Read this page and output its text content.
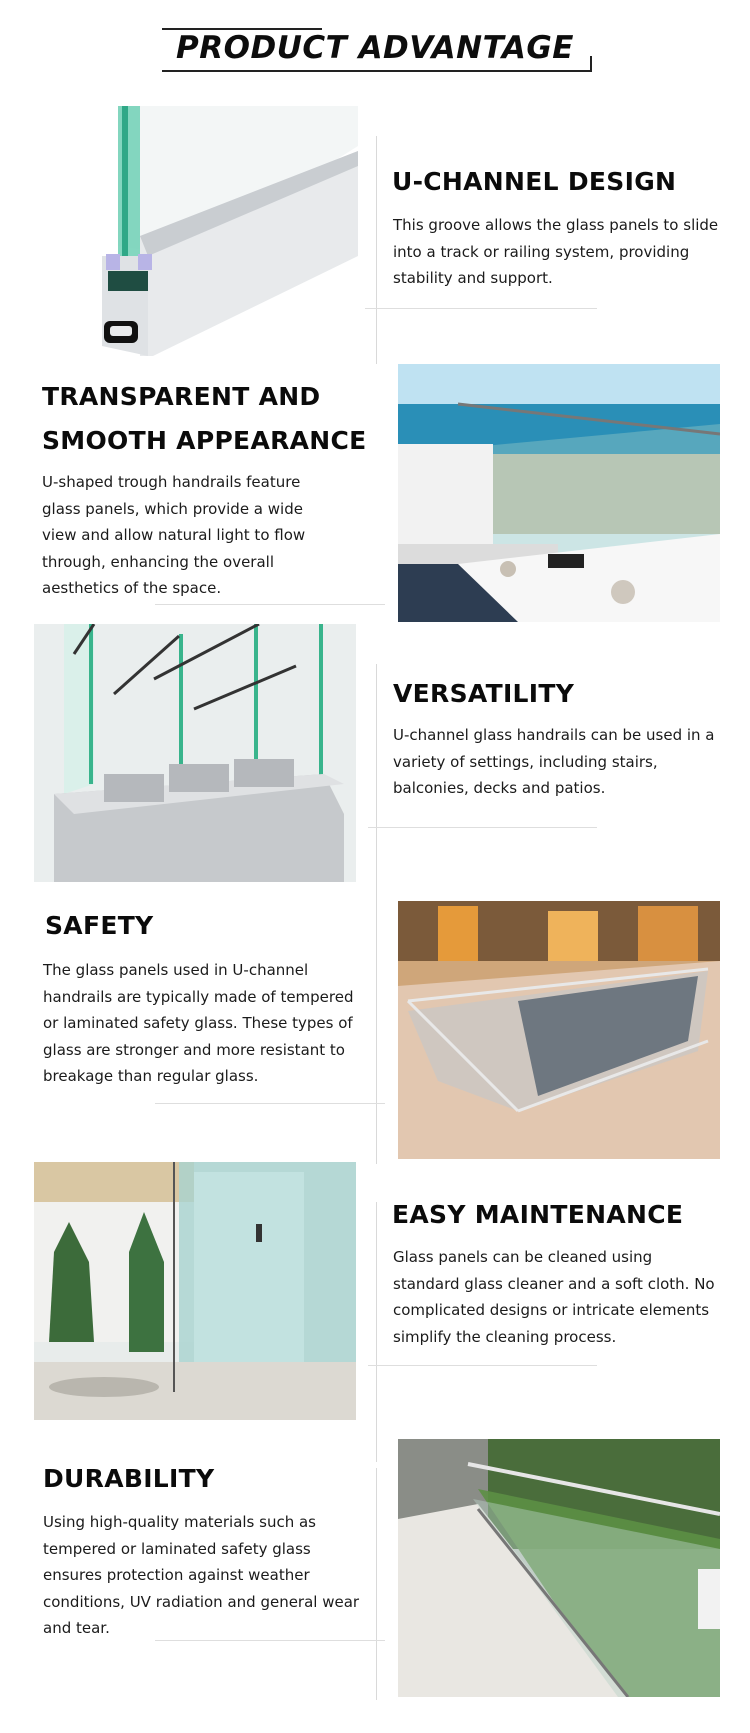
PRODUCT ADVANTAGE
U-CHANNEL DESIGN
This groove allows the glass panels to slide into a track or railing system, providing stability and support.
TRANSPARENT AND
SMOOTH APPEARANCE
U-shaped trough handrails feature glass panels, which provide a wide view and allow natural light to flow through, enhancing the overall aesthetics of the space.
VERSATILITY
U-channel glass handrails can be used in a variety of settings, including stairs, balconies, decks and patios.
SAFETY
The glass panels used in U-channel handrails are typically made of tempered or laminated safety glass. These types of glass are stronger and more resistant to breakage than regular glass.
EASY MAINTENANCE
Glass panels can be cleaned using standard glass cleaner and a soft cloth. No complicated designs or intricate elements simplify the cleaning process.
DURABILITY
Using high-quality materials such as tempered or laminated safety glass ensures protection against weather conditions, UV radiation and general wear and tear.
